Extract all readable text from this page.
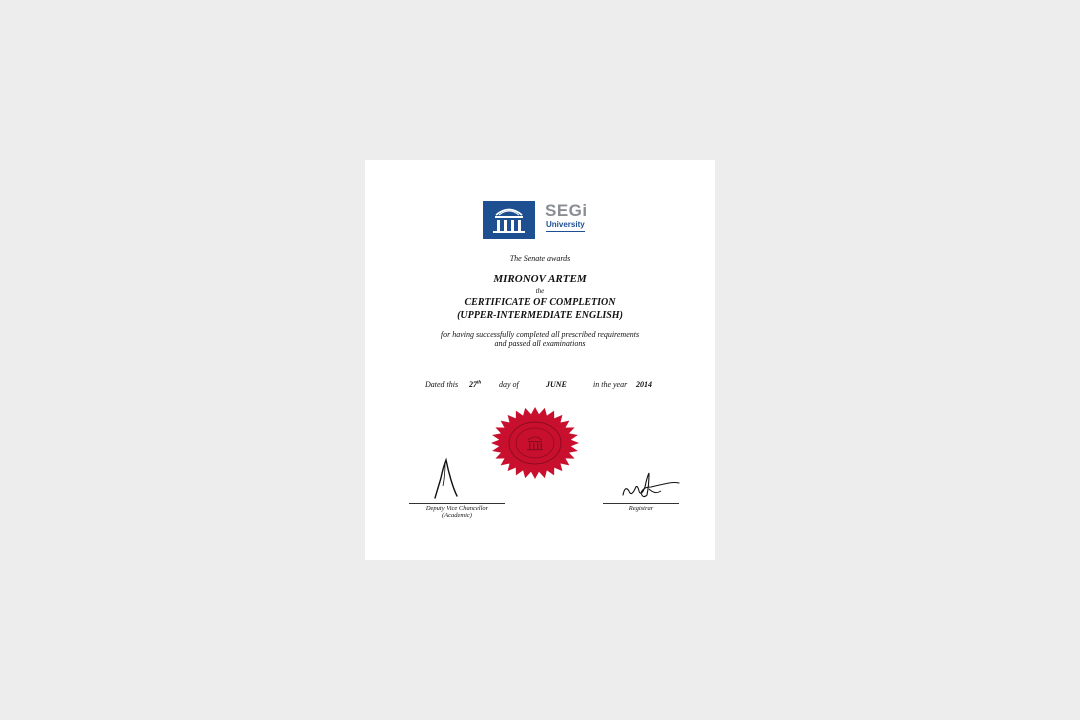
SEGi
University
The Senate awards
MIRONOV ARTEM
the
CERTIFICATE OF COMPLETION
(UPPER-INTERMEDIATE ENGLISH)
for having successfully completed all prescribed requirements
and passed all examinations
Dated this 27th day of	JUNE	in the year 2014
Deputy Vice Chancellor
(Academic)
Registrar
